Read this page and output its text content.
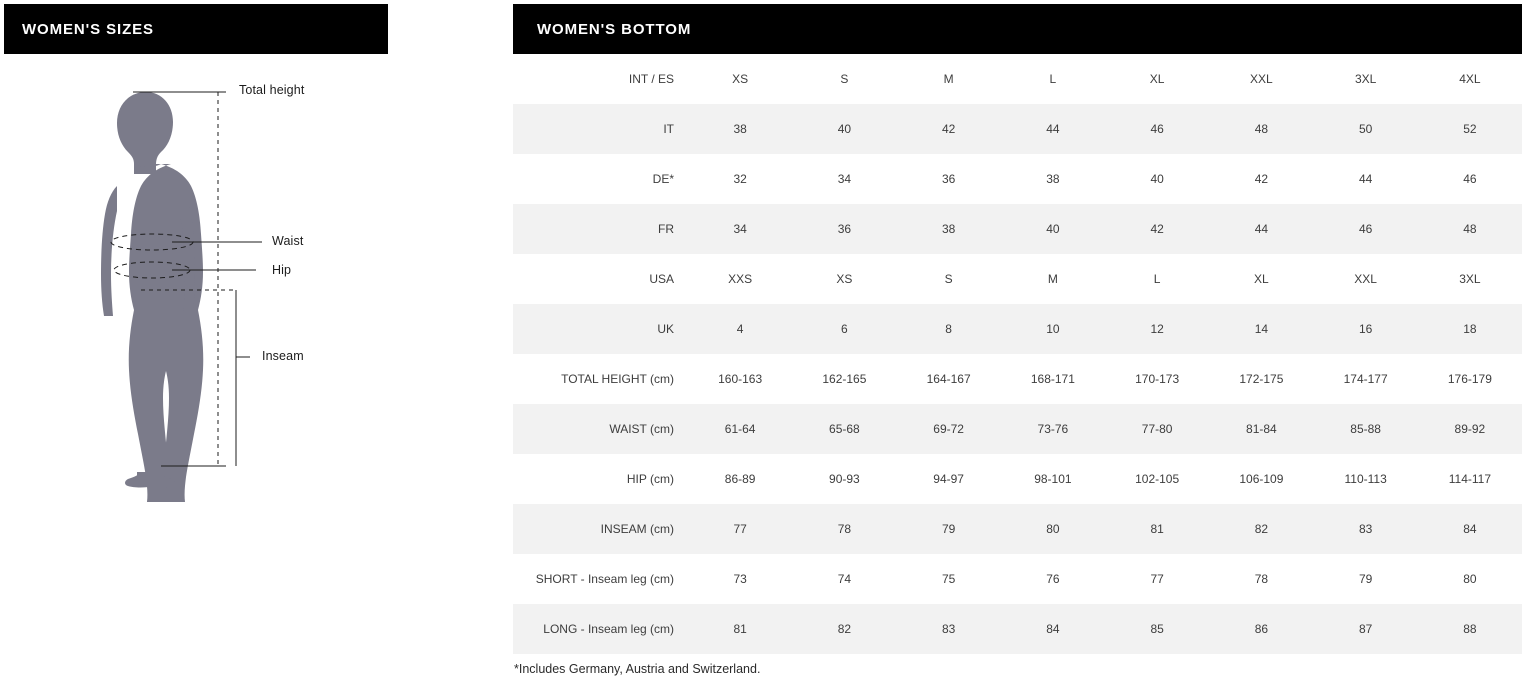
WOMEN'S SIZES
Total height
Waist
Hip
Inseam
WOMEN'S BOTTOM
INT / ES	XS	S	M	L	XL	XXL	3XL	4XL
IT	38	40	42	44	46	48	50	52
DE*	32	34	36	38	40	42	44	46
FR	34	36	38	40	42	44	46	48
USA	XXS	XS	S	M	L	XL	XXL	3XL
UK	4	6	8	10	12	14	16	18
TOTAL HEIGHT (cm)	160-163	162-165	164-167	168-171	170-173	172-175	174-177	176-179
WAIST (cm)	61-64	65-68	69-72	73-76	77-80	81-84	85-88	89-92
HIP (cm)	86-89	90-93	94-97	98-101	102-105	106-109	110-113	114-117
INSEAM (cm)	77	78	79	80	81	82	83	84
SHORT - Inseam leg (cm)	73	74	75	76	77	78	79	80
LONG - Inseam leg (cm)	81	82	83	84	85	86	87	88
*Includes Germany, Austria and Switzerland.
